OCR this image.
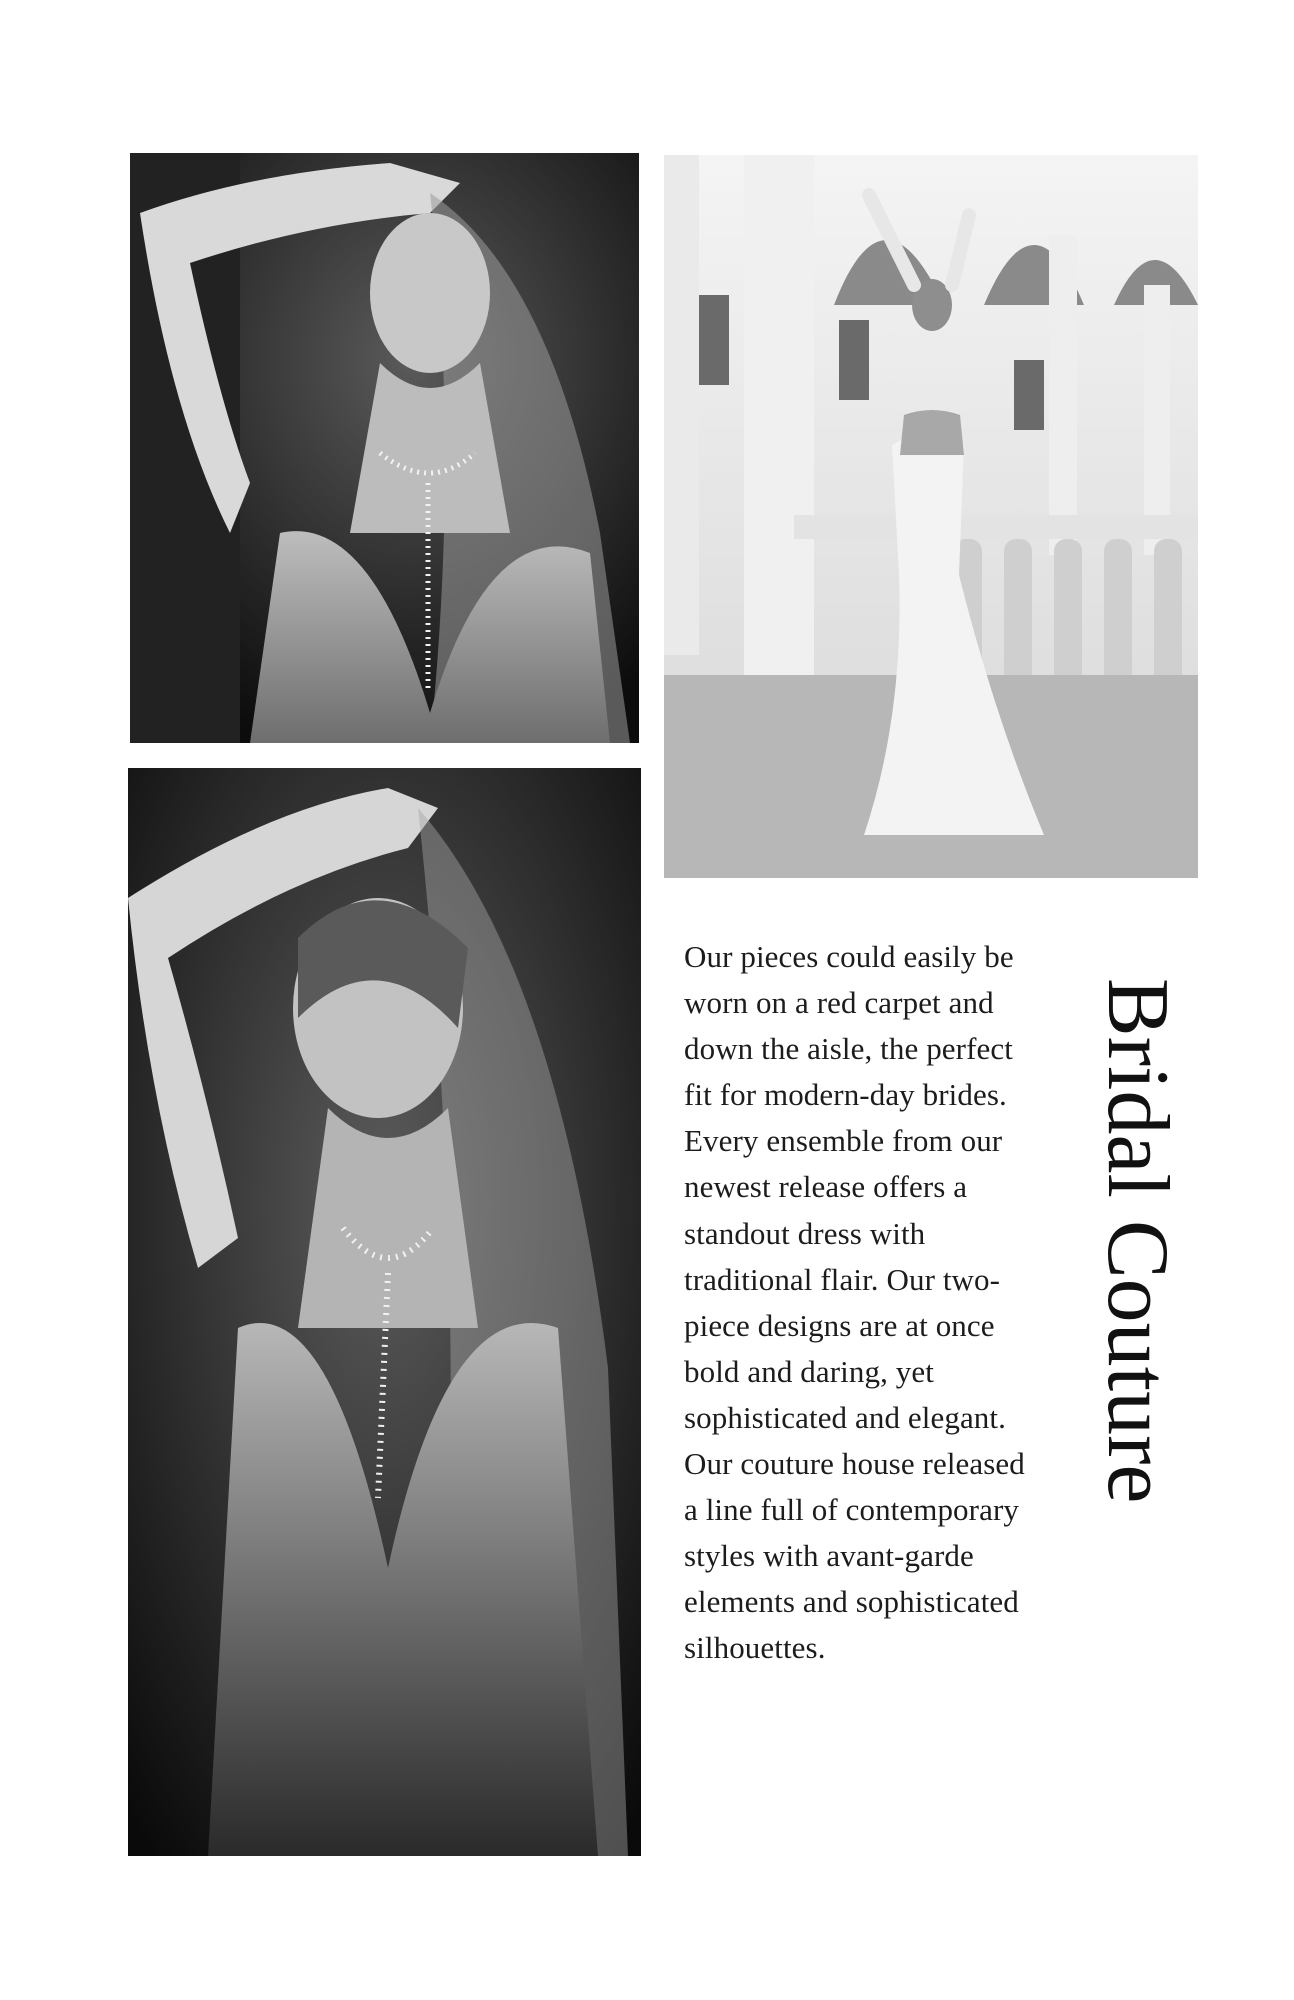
Our pieces could easily be worn on a red carpet and down the aisle, the perfect fit for modern-day brides. Every ensemble from our newest release offers a standout dress with traditional flair. Our two-piece designs are at once bold and daring, yet sophisticated and elegant. Our couture house released a line full of contemporary styles with avant-garde elements and sophisticated silhouettes.

Bridal Couture
